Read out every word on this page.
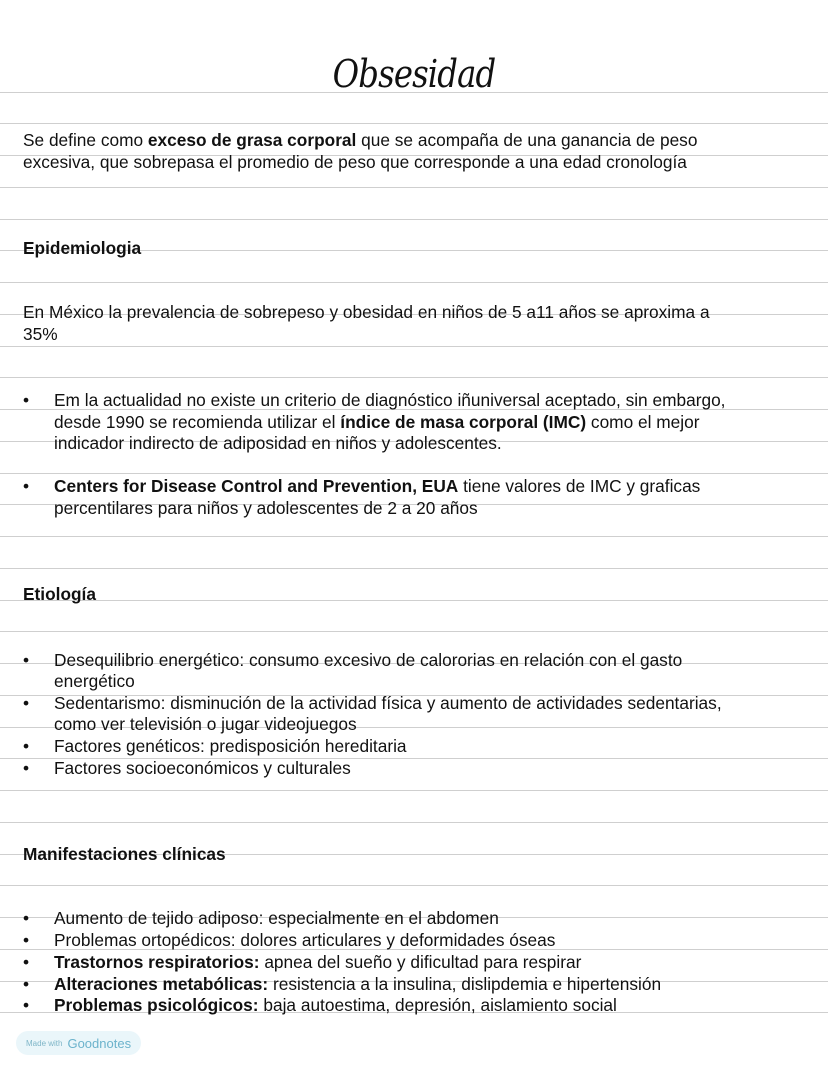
Obsesidad
Se define como exceso de grasa corporal que se acompaña de una ganancia de peso
excesiva, que sobrepasa el promedio de peso que corresponde a una edad cronología
Epidemiologia
En México la prevalencia de sobrepeso y obesidad en niños de 5 a11 años se aproxima a
35%
• Em la actualidad no existe un criterio de diagnóstico iñuniversal aceptado, sin embargo,
desde 1990 se recomienda utilizar el índice de masa corporal (IMC) como el mejor
indicador indirecto de adiposidad en niños y adolescentes.
• Centers for Disease Control and Prevention, EUA tiene valores de IMC y graficas
percentilares para niños y adolescentes de 2 a 20 años
Etiología
• Desequilibrio energético: consumo excesivo de calororias en relación con el gasto
energético
• Sedentarismo: disminución de la actividad física y aumento de actividades sedentarias,
como ver televisión o jugar videojuegos
• Factores genéticos: predisposición hereditaria
• Factores socioeconómicos y culturales
Manifestaciones clínicas
• Aumento de tejido adiposo: especialmente en el abdomen
• Problemas ortopédicos: dolores articulares y deformidades óseas
• Trastornos respiratorios: apnea del sueño y dificultad para respirar
• Alteraciones metabólicas: resistencia a la insulina, dislipdemia e hipertensión
• Problemas psicológicos: baja autoestima, depresión, aislamiento social
Made with Goodnotes
